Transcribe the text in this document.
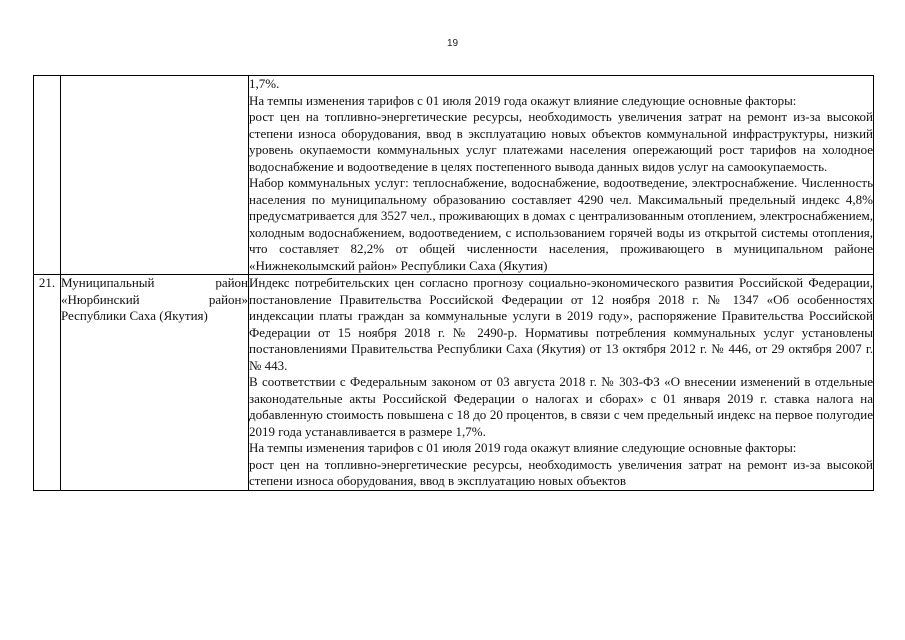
19

		1,7%.

На темпы изменения тарифов с 01 июля 2019 года окажут влияние следующие основные факторы:

рост цен на топливно-энергетические ресурсы, необходимость увеличения затрат на ремонт из-за высокой степени износа оборудования, ввод в эксплуатацию новых объектов коммунальной инфраструктуры, низкий уровень окупаемости коммунальных услуг платежами населения опережающий рост тарифов на холодное водоснабжение и водоотведение в целях постепенного вывода данных видов услуг на самоокупаемость.

Набор коммунальных услуг: теплоснабжение, водоснабжение, водоотведение, электроснабжение. Численность населения по муниципальному образованию составляет 4290 чел. Максимальный предельный индекс 4,8% предусматривается для 3527 чел., проживающих в домах с централизованным отоплением, электроснабжением, холодным водоснабжением, водоотведением, с использованием горячей воды из открытой системы отопления, что составляет 82,2% от общей численности населения, проживающего в муниципальном районе «Нижнеколымский район» Республики Саха (Якутия)

21.	Муниципальный район «Нюрбинский район» Республики Саха (Якутия)	Индекс потребительских цен согласно прогнозу социально-экономического развития Российской Федерации, постановление Правительства Российской Федерации от 12 ноября 2018 г. № 1347 «Об особенностях индексации платы граждан за коммунальные услуги в 2019 году», распоряжение Правительства Российской Федерации от 15 ноября 2018 г. № 2490-р. Нормативы потребления коммунальных услуг установлены постановлениями Правительства Республики Саха (Якутия) от 13 октября 2012 г. № 446, от 29 октября 2007 г. № 443.

В соответствии с Федеральным законом от 03 августа 2018 г. № 303-ФЗ «О внесении изменений в отдельные законодательные акты Российской Федерации о налогах и сборах» с 01 января 2019 г. ставка налога на добавленную стоимость повышена с 18 до 20 процентов, в связи с чем предельный индекс на первое полугодие 2019 года устанавливается в размере 1,7%.

На темпы изменения тарифов с 01 июля 2019 года окажут влияние следующие основные факторы:

рост цен на топливно-энергетические ресурсы, необходимость увеличения затрат на ремонт из-за высокой степени износа оборудования, ввод в эксплуатацию новых объектов
